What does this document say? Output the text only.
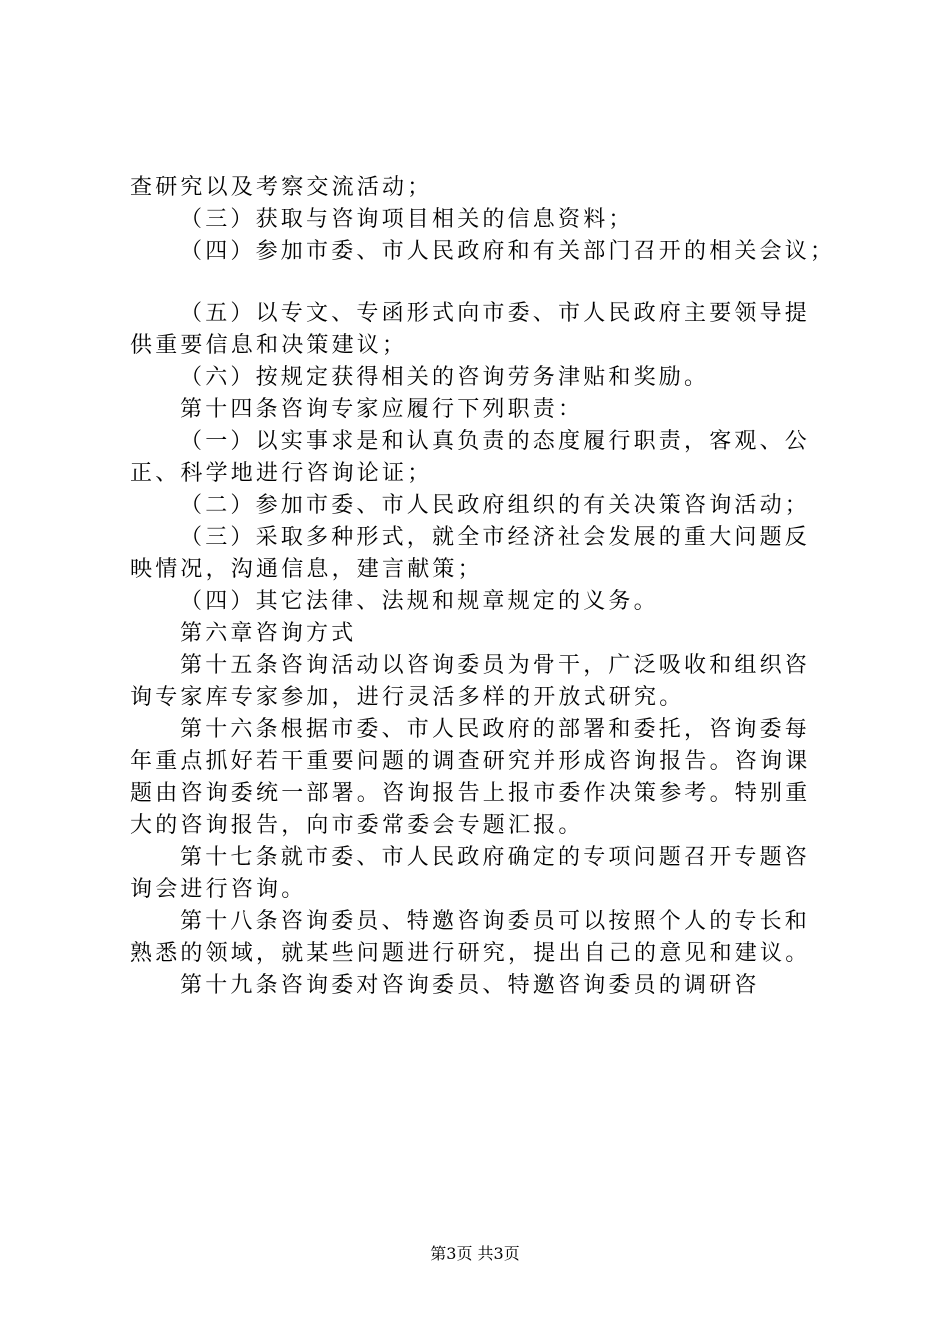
查研究以及考察交流活动；
（三）获取与咨询项目相关的信息资料；
（四）参加市委、市人民政府和有关部门召开的相关会议；
（五）以专文、专函形式向市委、市人民政府主要领导提
供重要信息和决策建议；
（六）按规定获得相关的咨询劳务津贴和奖励。
第十四条咨询专家应履行下列职责：
（一）以实事求是和认真负责的态度履行职责，客观、公
正、科学地进行咨询论证；
（二）参加市委、市人民政府组织的有关决策咨询活动；
（三）采取多种形式，就全市经济社会发展的重大问题反
映情况，沟通信息，建言献策；
（四）其它法律、法规和规章规定的义务。
第六章咨询方式
第十五条咨询活动以咨询委员为骨干，广泛吸收和组织咨
询专家库专家参加，进行灵活多样的开放式研究。
第十六条根据市委、市人民政府的部署和委托，咨询委每
年重点抓好若干重要问题的调查研究并形成咨询报告。咨询课
题由咨询委统一部署。咨询报告上报市委作决策参考。特别重
大的咨询报告，向市委常委会专题汇报。
第十七条就市委、市人民政府确定的专项问题召开专题咨
询会进行咨询。
第十八条咨询委员、特邀咨询委员可以按照个人的专长和
熟悉的领域，就某些问题进行研究，提出自己的意见和建议。
第十九条咨询委对咨询委员、特邀咨询委员的调研咨
第3页 共3页
